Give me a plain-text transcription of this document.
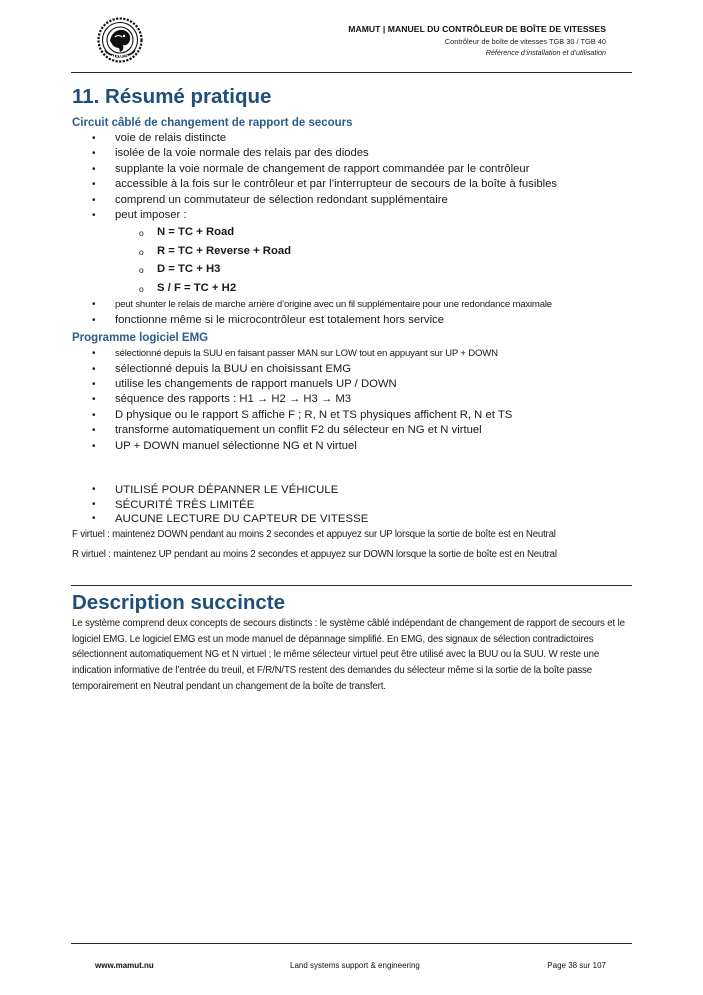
MAMUT
MAMUT | MANUEL DU CONTRÔLEUR DE BOÎTE DE VITESSES
Contrôleur de boîte de vitesses TGB 30 / TGB 40
Référence d’installation et d’utilisation
11. Résumé pratique
Circuit câblé de changement de rapport de secours
• voie de relais distincte
• isolée de la voie normale des relais par des diodes
• supplante la voie normale de changement de rapport commandée par le contrôleur
• accessible à la fois sur le contrôleur et par l’interrupteur de secours de la boîte à fusibles
• comprend un commutateur de sélection redondant supplémentaire
• peut imposer :
o N = TC + Road
o R = TC + Reverse + Road
o D = TC + H3
o S / F = TC + H2
• peut shunter le relais de marche arrière d’origine avec un fil supplémentaire pour une redondance maximale
• fonctionne même si le microcontrôleur est totalement hors service
Programme logiciel EMG
• sélectionné depuis la SUU en faisant passer MAN sur LOW tout en appuyant sur UP + DOWN
• sélectionné depuis la BUU en choisissant EMG
• utilise les changements de rapport manuels UP / DOWN
• séquence des rapports : H1 → H2 → H3 → M3
• D physique ou le rapport S affiche F ; R, N et TS physiques affichent R, N et TS
• transforme automatiquement un conflit F2 du sélecteur en NG et N virtuel
• UP + DOWN manuel sélectionne NG et N virtuel
• UTILISÉ POUR DÉPANNER LE VÉHICULE
• SÉCURITÉ TRÈS LIMITÉE
• AUCUNE LECTURE DU CAPTEUR DE VITESSE

F virtuel : maintenez DOWN pendant au moins 2 secondes et appuyez sur UP lorsque la sortie de boîte est en Neutral

R virtuel : maintenez UP pendant au moins 2 secondes et appuyez sur DOWN lorsque la sortie de boîte est en Neutral

Description succincte

Le système comprend deux concepts de secours distincts : le système câblé indépendant de changement de rapport de secours et le logiciel EMG. Le logiciel EMG est un mode manuel de dépannage simplifié. En EMG, des signaux de sélection contradictoires sélectionnent automatiquement NG et N virtuel ; le même sélecteur virtuel peut être utilisé avec la BUU ou la SUU. W reste une indication informative de l’entrée du treuil, et F/R/N/TS restent des demandes du sélecteur même si la sortie de la boîte passe temporairement en Neutral pendant un changement de la boîte de transfert.

www.mamut.nu	Land systems support & engineering	Page 38 sur 107
